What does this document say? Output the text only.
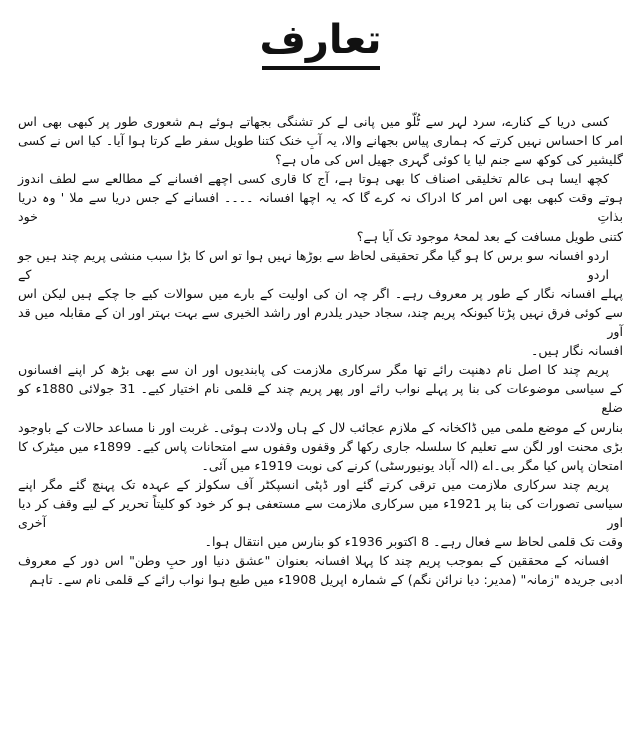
تعارف
کسی دریا کے کنارے، سرد لہر سے ٹُلّو میں پانی لے کر تشنگی بجھاتے ہوئے ہم شعوری طور پر کبھی بھی اس
امر کا احساس نہیں کرتے کہ ہماری پیاس بجھانے والا، یہ آبِ خنک کتنا طویل سفر طے کرتا ہوا آیا۔ کیا اس نے کسی
گلیشیر کی کوکھ سے جنم لیا یا کوئی گہری جھیل اس کی ماں ہے؟
کچھ ایسا ہی عالم تخلیقی اصناف کا بھی ہوتا ہے، آج کا قاری کسی اچھے افسانے کے مطالعے سے لطف اندوز
ہوتے وقت کبھی بھی اس امر کا ادراک نہ کرے گا کہ یہ اچھا افسانہ ۔۔۔۔ افسانے کے جس دریا سے ملا ' وہ دریا بذاتِ خود
کتنی طویل مسافت کے بعد لمحۂ موجود تک آیا ہے؟
اردو افسانہ سو برس کا ہو گیا مگر تحقیقی لحاظ سے بوڑھا نہیں ہوا تو اس کا بڑا سبب منشی پریم چند ہیں جو اردو کے
پہلے افسانہ نگار کے طور پر معروف رہے۔ اگر چہ ان کی اولیت کے بارے میں سوالات کیے جا چکے ہیں لیکن اس
سے کوئی فرق نہیں پڑتا کیونکہ پریم چند، سجاد حیدر یلدرم اور راشد الخیری سے بہت بہتر اور ان کے مقابلہ میں قد آور
افسانہ نگار ہیں۔
پریم چند کا اصل نام دھنپت رائے تھا مگر سرکاری ملازمت کی پابندیوں اور ان سے بھی بڑھ کر اپنے افسانوں
کے سیاسی موضوعات کی بنا پر پہلے نواب رائے اور پھر پریم چند کے قلمی نام اختیار کیے۔ 31 جولائی 1880ء کو ضلع
بنارس کے موضع ملمی میں ڈاکخانہ کے ملازم عجائب لال کے ہاں ولادت ہوئی۔ غربت اور نا مساعد حالات کے باوجود
بڑی محنت اور لگن سے تعلیم کا سلسلہ جاری رکھا گر وقفوں وقفوں سے امتحانات پاس کیے۔ 1899ء میں میٹرک کا
امتحان پاس کیا مگر بی۔اے (الہ آباد یونیورسٹی) کرنے کی نوبت 1919ء میں آئی۔
پریم چند سرکاری ملازمت میں ترقی کرتے گئے اور ڈپٹی انسپکٹر آف سکولز کے عہدہ تک پہنچ گئے مگر اپنے
سیاسی تصورات کی بنا پر 1921ء میں سرکاری ملازمت سے مستعفی ہو کر خود کو کلیتاً تحریر کے لیے وقف کر دیا اور آخری
وقت تک قلمی لحاظ سے فعال رہے۔ 8 اکتوبر 1936ء کو بنارس میں انتقال ہوا۔
افسانہ کے محققین کے بموجب پریم چند کا پہلا افسانہ بعنوان "عشق دنیا اور حبِ وطن" اس دور کے معروف
ادبی جریدہ "زمانہ" (مدیر: دیا نرائن نگم) کے شمارہ اپریل 1908ء میں طبع ہوا نواب رائے کے قلمی نام سے۔ تاہم
